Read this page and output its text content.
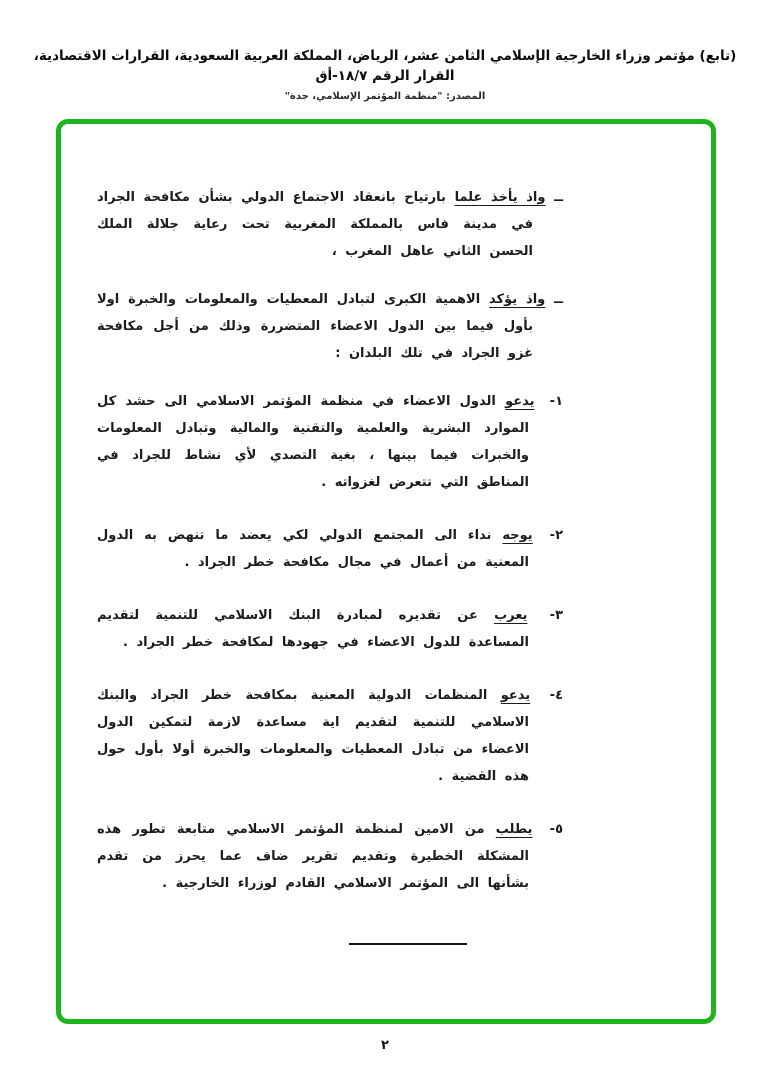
(تابع) مؤتمر وزراء الخارجية الإسلامي الثامن عشر، الرياض، المملكة العربية السعودية، القرارات الاقتصادية، القرار الرقم ١٨/٧-أق
المصدر: "منظمة المؤتمر الإسلامي، جدة"

ــ واذ يأخذ علما بارتياح بانعقاد الاجتماع الدولي بشأن مكافحة الجراد في مدينة فاس بالمملكة المغربية تحت رعاية جلالة الملك الحسن الثاني عاهل المغرب ،

ــ واذ يؤكد الاهمية الكبرى لتبادل المعطيات والمعلومات والخبرة اولا بأول فيما بين الدول الاعضاء المتضررة وذلك من أجل مكافحة غزو الجراد في تلك البلدان :

١- يدعو الدول الاعضاء في منظمة المؤتمر الاسلامي الى حشد كل الموارد البشرية والعلمية والتقنية والمالية وتبادل المعلومات والخبرات فيما بينها ، بغية التصدي لأي نشاط للجراد في المناطق التي تتعرض لغزواته .

٢- يوجه نداء الى المجتمع الدولي لكي يعضد ما تنهض به الدول المعنية من أعمال في مجال مكافحة خطر الجراد .

٣- يعرب عن تقديره لمبادرة البنك الاسلامي للتنمية لتقديم المساعدة للدول الاعضاء في جهودها لمكافحة خطر الجراد .

٤- يدعو المنظمات الدولية المعنية بمكافحة خطر الجراد والبنك الاسلامي للتنمية لتقديم اية مساعدة لازمة لتمكين الدول الاعضاء من تبادل المعطيات والمعلومات والخبرة أولا بأول حول هذه القضية .

٥- يطلب من الامين لمنظمة المؤتمر الاسلامي متابعة تطور هذه المشكلة الخطيرة وتقديم تقرير ضاف عما يحرز من تقدم بشأنها الى المؤتمر الاسلامي القادم لوزراء الخارجية .

٢
